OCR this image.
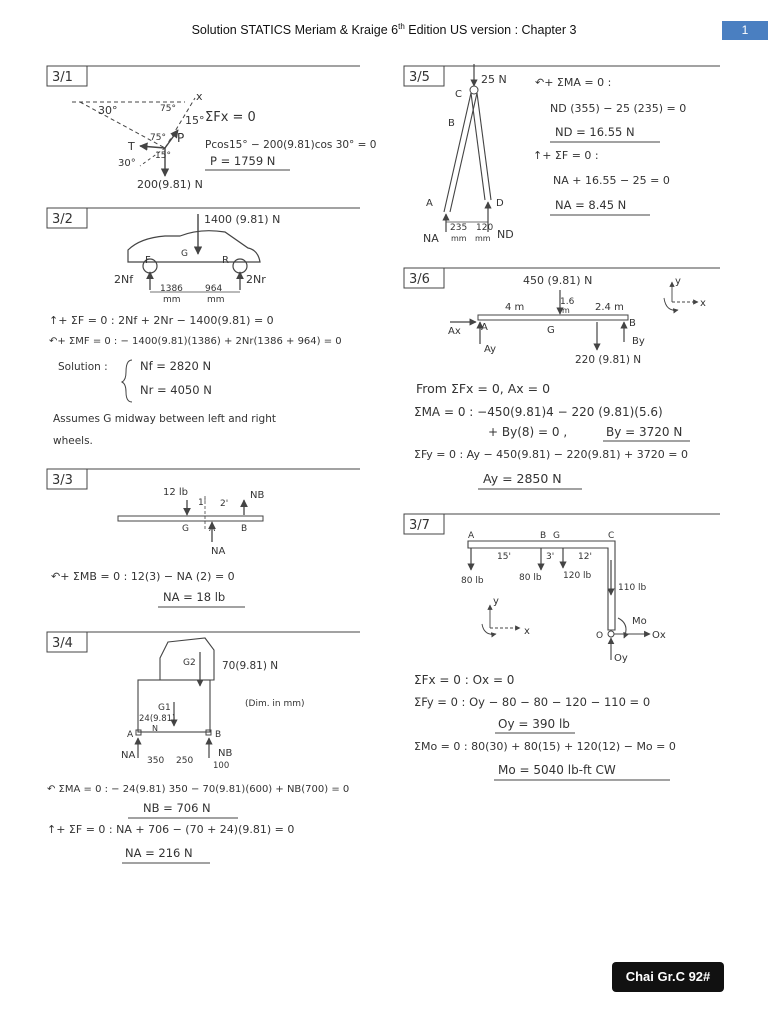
Solution STATICS Meriam & Kraige 6th Edition US version : Chapter 3	1
3/1
30°	75°
x
15°
T
P
75°
30°
15°
200(9.81) N
ΣFx = 0
Pcos15° − 200(9.81)cos 30° = 0
P = 1759 N
3/2	1400 (9.81) N
G
F	R
2Nf	2Nr
1386 964
mm	mm
↑+ ΣF = 0 : 2Nf + 2Nr − 1400(9.81) = 0
↶+ ΣMF = 0 : − 1400(9.81)(1386) + 2Nr(1386 + 964) = 0
Solution :	Nf = 2820 N
Nr = 4050 N
Assumes G midway between left and right
wheels.
3/3
12 lb	NB
1' 2'
G A	B
NA
↶+ ΣMB = 0 : 12(3) − NA (2) = 0
NA = 18 lb
3/4
G2	70(9.81) N
G1
24(9.81)
N
(Dim. in mm)
A	B
NA	NB
350 250 100
↶ ΣMA = 0 : − 24(9.81) 350 − 70(9.81)(600) + NB(700) = 0
NB = 706 N
↑+ ΣF = 0 : NA + 706 − (70 + 24)(9.81) = 0
NA = 216 N
3/5	25 N
C
B
A	D
235 120
mm mm
NA	ND
↶+ ΣMA = 0 :
ND (355) − 25 (235) = 0
ND = 16.55 N
↑+ ΣF = 0 :
NA + 16.55 − 25 = 0
NA = 8.45 N
3/6	450 (9.81) N
4 m	1.6
m	2.4 m
Ax A	G
B
By
Ay
220 (9.81) N
y
x
From ΣFx = 0, Ax = 0
ΣMA = 0 : −450(9.81)4 − 220 (9.81)(5.6)
+ By(8) = 0 ,	By = 3720 N
ΣFy = 0 : Ay − 450(9.81) − 220(9.81) + 3720 = 0
Ay = 2850 N
3/7
A	B G	C
15'	3'	12'
80 lb	80 lb 120 lb
110 lb
Mo
Ox
O
Oy
y
x
ΣFx = 0 : Ox = 0
ΣFy = 0 : Oy − 80 − 80 − 120 − 110 = 0
Oy = 390 lb
ΣMo = 0 : 80(30) + 80(15) + 120(12) − Mo = 0
Mo = 5040 lb-ft CW
Chai Gr.C 92#
